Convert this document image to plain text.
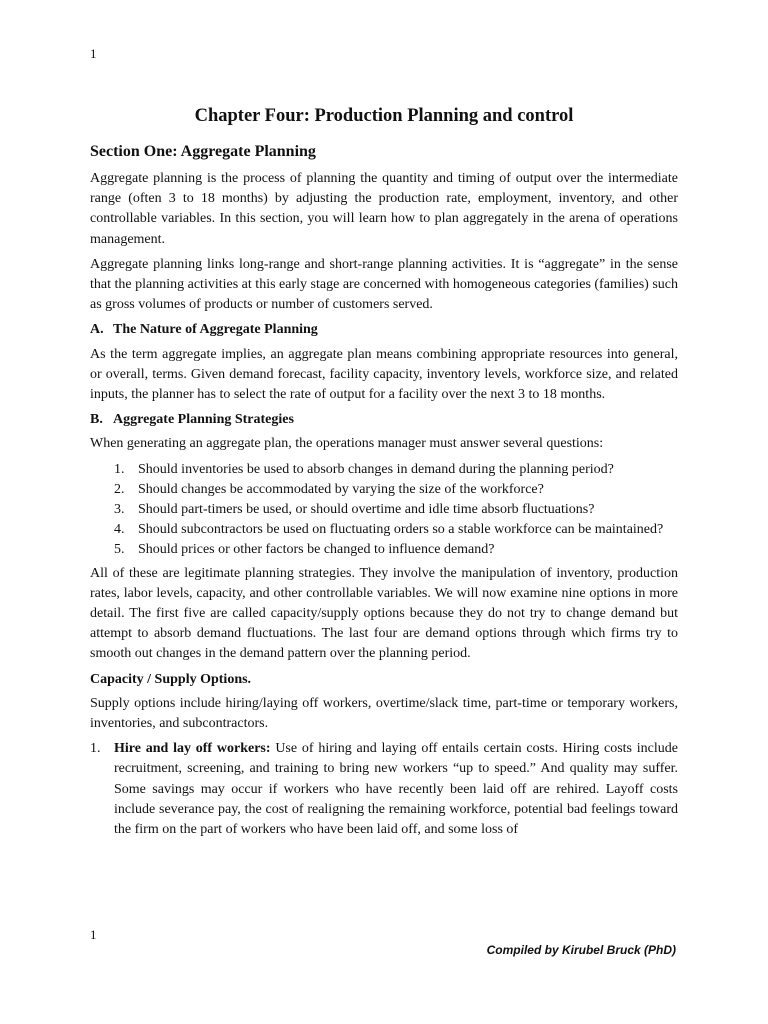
1
Chapter Four: Production Planning and control
Section One: Aggregate Planning

Aggregate planning is the process of planning the quantity and timing of output over the intermediate range (often 3 to 18 months) by adjusting the production rate, employment, inventory, and other controllable variables. In this section, you will learn how to plan aggregately in the arena of operations management.

Aggregate planning links long-range and short-range planning activities. It is “aggregate” in the sense that the planning activities at this early stage are concerned with homogeneous categories (families) such as gross volumes of products or number of customers served.

A. The Nature of Aggregate Planning

As the term aggregate implies, an aggregate plan means combining appropriate resources into general, or overall, terms. Given demand forecast, facility capacity, inventory levels, workforce size, and related inputs, the planner has to select the rate of output for a facility over the next 3 to 18 months.

B. Aggregate Planning Strategies

When generating an aggregate plan, the operations manager must answer several questions:

1. Should inventories be used to absorb changes in demand during the planning period?
2. Should changes be accommodated by varying the size of the workforce?
3. Should part-timers be used, or should overtime and idle time absorb fluctuations?
4. Should subcontractors be used on fluctuating orders so a stable workforce can be maintained?
5. Should prices or other factors be changed to influence demand?

All of these are legitimate planning strategies. They involve the manipulation of inventory, production rates, labor levels, capacity, and other controllable variables. We will now examine nine options in more detail. The first five are called capacity/supply options because they do not try to change demand but attempt to absorb demand fluctuations. The last four are demand options through which firms try to smooth out changes in the demand pattern over the planning period.

Capacity / Supply Options.

Supply options include hiring/laying off workers, overtime/slack time, part-time or temporary workers, inventories, and subcontractors.

1. Hire and lay off workers: Use of hiring and laying off entails certain costs. Hiring costs include recruitment, screening, and training to bring new workers “up to speed.” And quality may suffer. Some savings may occur if workers who have recently been laid off are rehired. Layoff costs include severance pay, the cost of realigning the remaining workforce, potential bad feelings toward the firm on the part of workers who have been laid off, and some loss of
1
Compiled by Kirubel Bruck (PhD)
